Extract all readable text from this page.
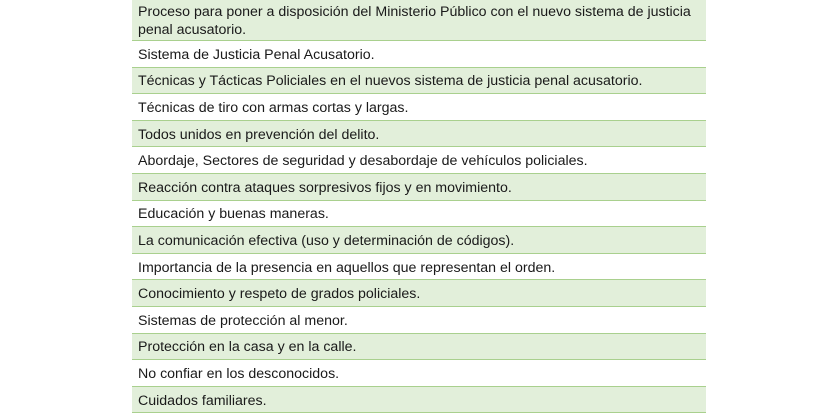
Proceso para poner a disposición del Ministerio Público con el nuevo sistema de justicia penal acusatorio.
Sistema de Justicia Penal Acusatorio.
Técnicas y Tácticas Policiales en el nuevos sistema de justicia penal acusatorio.
Técnicas de tiro con armas cortas y largas.
Todos unidos en prevención del delito.
Abordaje, Sectores de seguridad y desabordaje de vehículos policiales.
Reacción contra ataques sorpresivos fijos y en movimiento.
Educación y buenas maneras.
La comunicación efectiva (uso y determinación de códigos).
Importancia de la presencia en aquellos que representan el orden.
Conocimiento y respeto de grados policiales.
Sistemas de protección al menor.
Protección en la casa y en la calle.
No confiar en los desconocidos.
Cuidados familiares.
